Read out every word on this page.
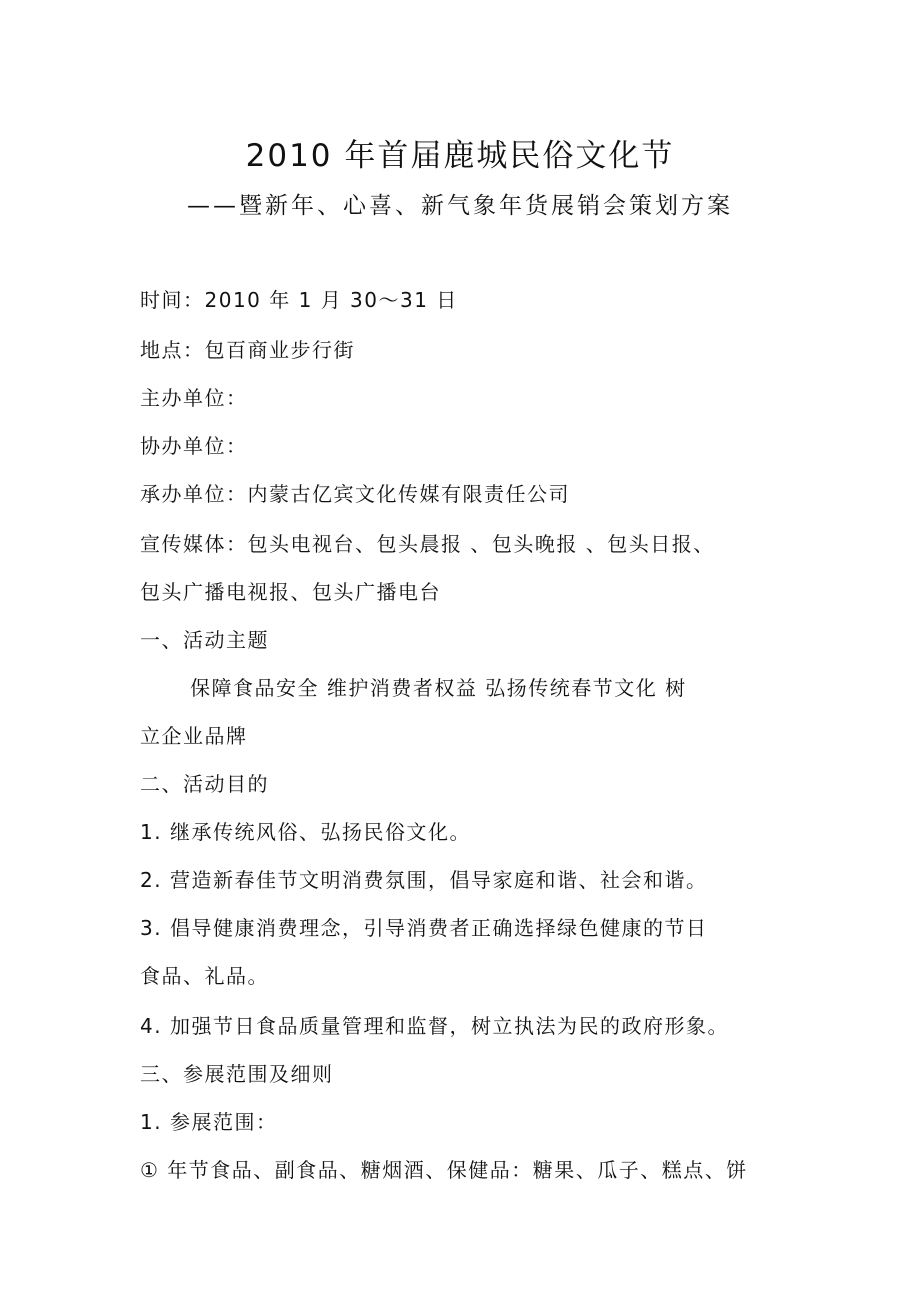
2010 年首届鹿城民俗文化节
——暨新年、心喜、新气象年货展销会策划方案
时间：2010 年 1 月 30～31 日
地点：包百商业步行街
主办单位：
协办单位：
承办单位：内蒙古亿宾文化传媒有限责任公司
宣传媒体：包头电视台、包头晨报 、包头晚报 、包头日报、
包头广播电视报、包头广播电台
一、活动主题
保障食品安全 维护消费者权益 弘扬传统春节文化 树
立企业品牌
二、活动目的
1. 继承传统风俗、弘扬民俗文化。
2. 营造新春佳节文明消费氛围，倡导家庭和谐、社会和谐。
3. 倡导健康消费理念，引导消费者正确选择绿色健康的节日
食品、礼品。
4. 加强节日食品质量管理和监督，树立执法为民的政府形象。
三、参展范围及细则
1. 参展范围：
① 年节食品、副食品、糖烟酒、保健品：糖果、瓜子、糕点、饼
